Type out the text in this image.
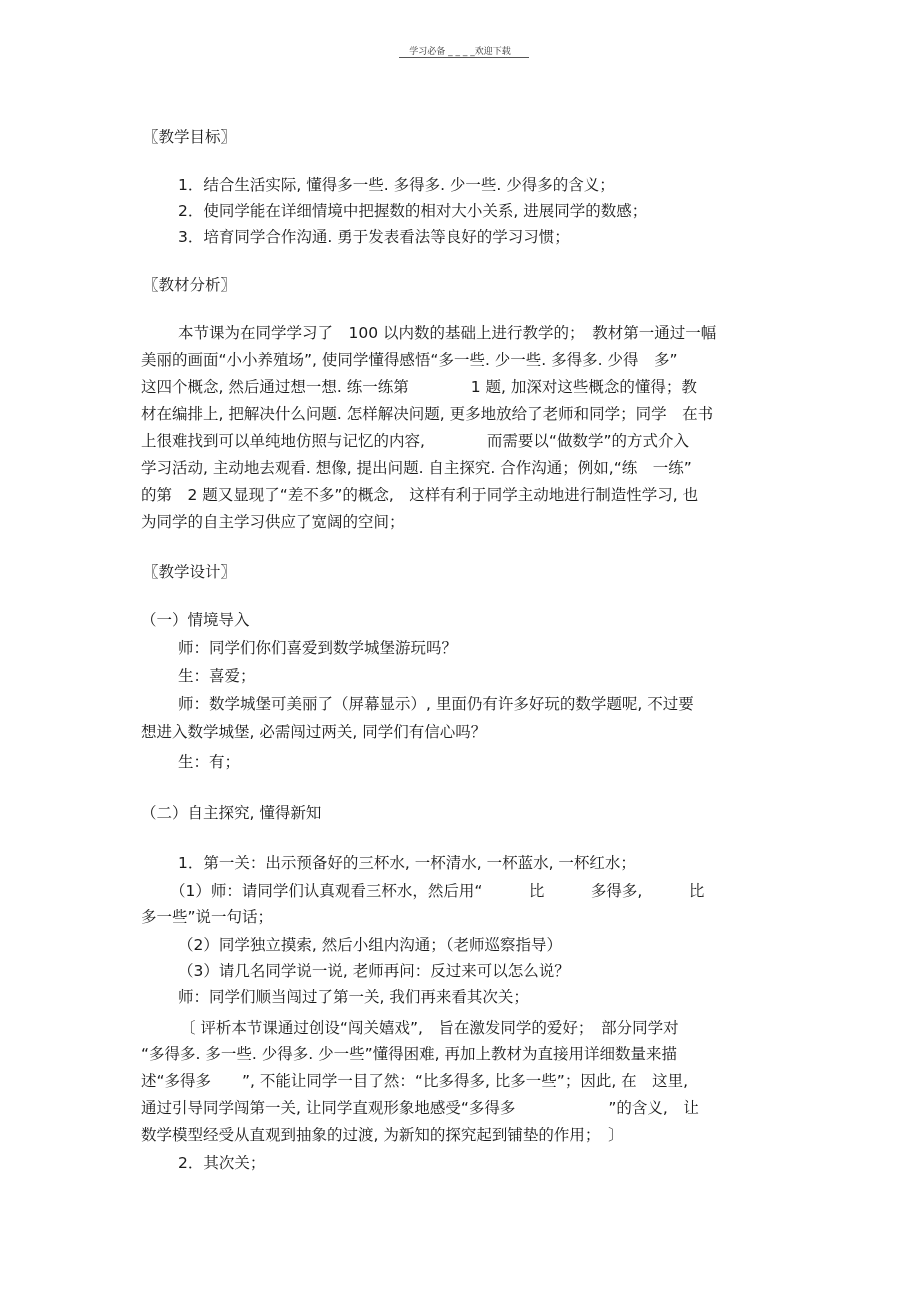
学习必备 _ _ _ _欢迎下载
〖教学目标〗
1．结合生活实际, 懂得多一些. 多得多. 少一些. 少得多的含义；
2．使同学能在详细情境中把握数的相对大小关系, 进展同学的数感；
3．培育同学合作沟通. 勇于发表看法等良好的学习习惯；
〖教材分析〗
本节课为在同学学习了　100 以内数的基础上进行教学的；　教材第一通过一幅
美丽的画面“小小养殖场”, 使同学懂得感悟“多一些. 少一些. 多得多. 少得　多”
这四个概念, 然后通过想一想. 练一练第　　　　1 题, 加深对这些概念的懂得；教
材在编排上, 把解决什么问题. 怎样解决问题, 更多地放给了老师和同学；同学　在书
上很难找到可以单纯地仿照与记忆的内容,　　　　而需要以“做数学”的方式介入
学习活动, 主动地去观看. 想像, 提出问题. 自主探究. 合作沟通；例如,“练　一练”
的第　2 题又显现了“差不多”的概念,　这样有利于同学主动地进行制造性学习, 也
为同学的自主学习供应了宽阔的空间；
〖教学设计〗
（一）情境导入
师：同学们你们喜爱到数学城堡游玩吗？
生：喜爱；
师：数学城堡可美丽了（屏幕显示）, 里面仍有许多好玩的数学题呢, 不过要
想进入数学城堡, 必需闯过两关, 同学们有信心吗？
生：有；
（二）自主探究, 懂得新知
1．第一关：出示预备好的三杯水, 一杯清水, 一杯蓝水, 一杯红水；
（1）师：请同学们认真观看三杯水，然后用“　　　比　　　多得多,　　　比
多一些”说一句话；
（2）同学独立摸索, 然后小组内沟通；（老师巡察指导）
（3）请几名同学说一说, 老师再问：反过来可以怎么说？
师：同学们顺当闯过了第一关, 我们再来看其次关；
〔 评析本节课通过创设“闯关嬉戏”,　旨在激发同学的爱好；　部分同学对
“多得多. 多一些. 少得多. 少一些”懂得困难, 再加上教材为直接用详细数量来描
述“多得多　　”, 不能让同学一目了然：“比多得多, 比多一些”；因此, 在　这里,
通过引导同学闯第一关, 让同学直观形象地感受“多得多　　　　　　”的含义,　让
数学模型经受从直观到抽象的过渡, 为新知的探究起到铺垫的作用；　〕
2．其次关；
